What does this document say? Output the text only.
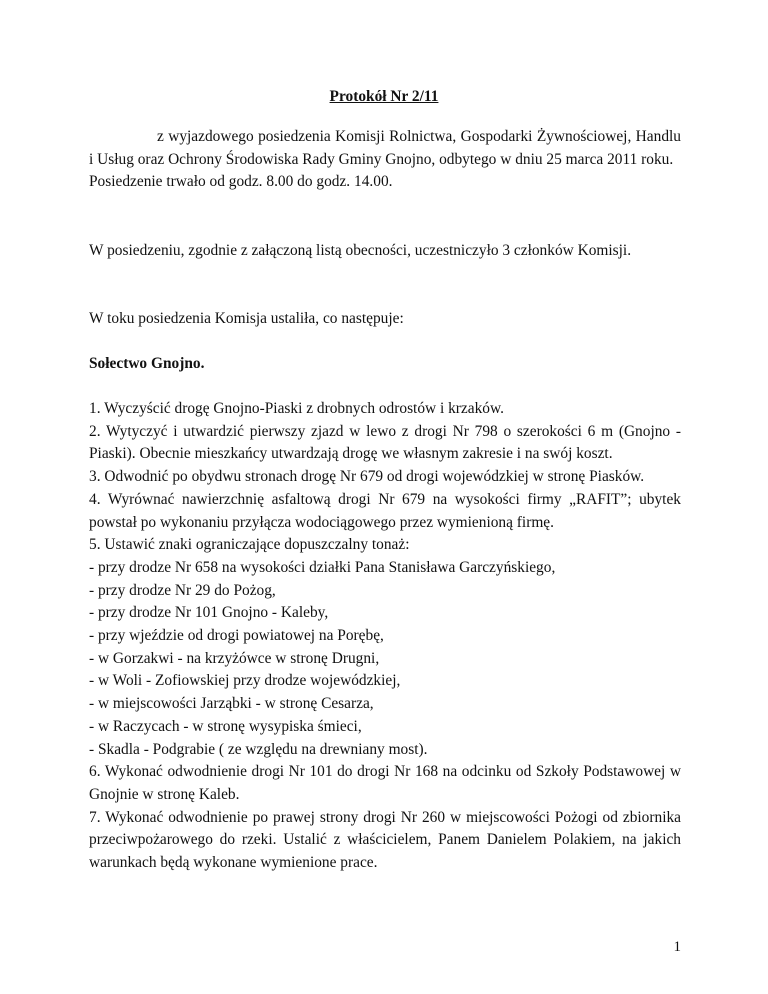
Protokół Nr 2/11

z wyjazdowego posiedzenia Komisji Rolnictwa, Gospodarki Żywnościowej, Handlu i Usług oraz Ochrony Środowiska Rady Gminy Gnojno, odbytego w dniu 25 marca 2011 roku.

Posiedzenie trwało od godz. 8.00 do godz. 14.00.

W posiedzeniu, zgodnie z załączoną listą obecności, uczestniczyło 3 członków Komisji.

W toku posiedzenia Komisja ustaliła, co następuje:

Sołectwo Gnojno.

1. Wyczyścić drogę Gnojno-Piaski z drobnych odrostów i krzaków.

2. Wytyczyć i utwardzić pierwszy zjazd w lewo z drogi Nr 798 o szerokości 6 m (Gnojno - Piaski). Obecnie mieszkańcy utwardzają drogę we własnym zakresie i na swój koszt.

3. Odwodnić po obydwu stronach drogę Nr 679 od drogi wojewódzkiej w stronę Piasków.

4. Wyrównać nawierzchnię asfaltową drogi Nr 679 na wysokości firmy „RAFIT”; ubytek powstał po wykonaniu przyłącza wodociągowego przez wymienioną firmę.

5. Ustawić znaki ograniczające dopuszczalny tonaż:

- przy drodze Nr 658 na wysokości działki Pana Stanisława Garczyńskiego,

- przy drodze Nr 29 do Pożog,

- przy drodze Nr 101 Gnojno - Kaleby,

- przy wjeździe od drogi powiatowej na Porębę,

- w Gorzakwi - na krzyżówce w stronę Drugni,

- w Woli - Zofiowskiej przy drodze wojewódzkiej,

- w miejscowości Jarząbki - w stronę Cesarza,

- w Raczycach - w stronę wysypiska śmieci,

- Skadla - Podgrabie ( ze względu na drewniany most).

6. Wykonać odwodnienie drogi Nr 101 do drogi Nr 168 na odcinku od Szkoły Podstawowej w Gnojnie w stronę Kaleb.

7. Wykonać odwodnienie po prawej strony drogi Nr 260 w miejscowości Pożogi od zbiornika przeciwpożarowego do rzeki. Ustalić z właścicielem, Panem Danielem Polakiem, na jakich warunkach będą wykonane wymienione prace.

1
